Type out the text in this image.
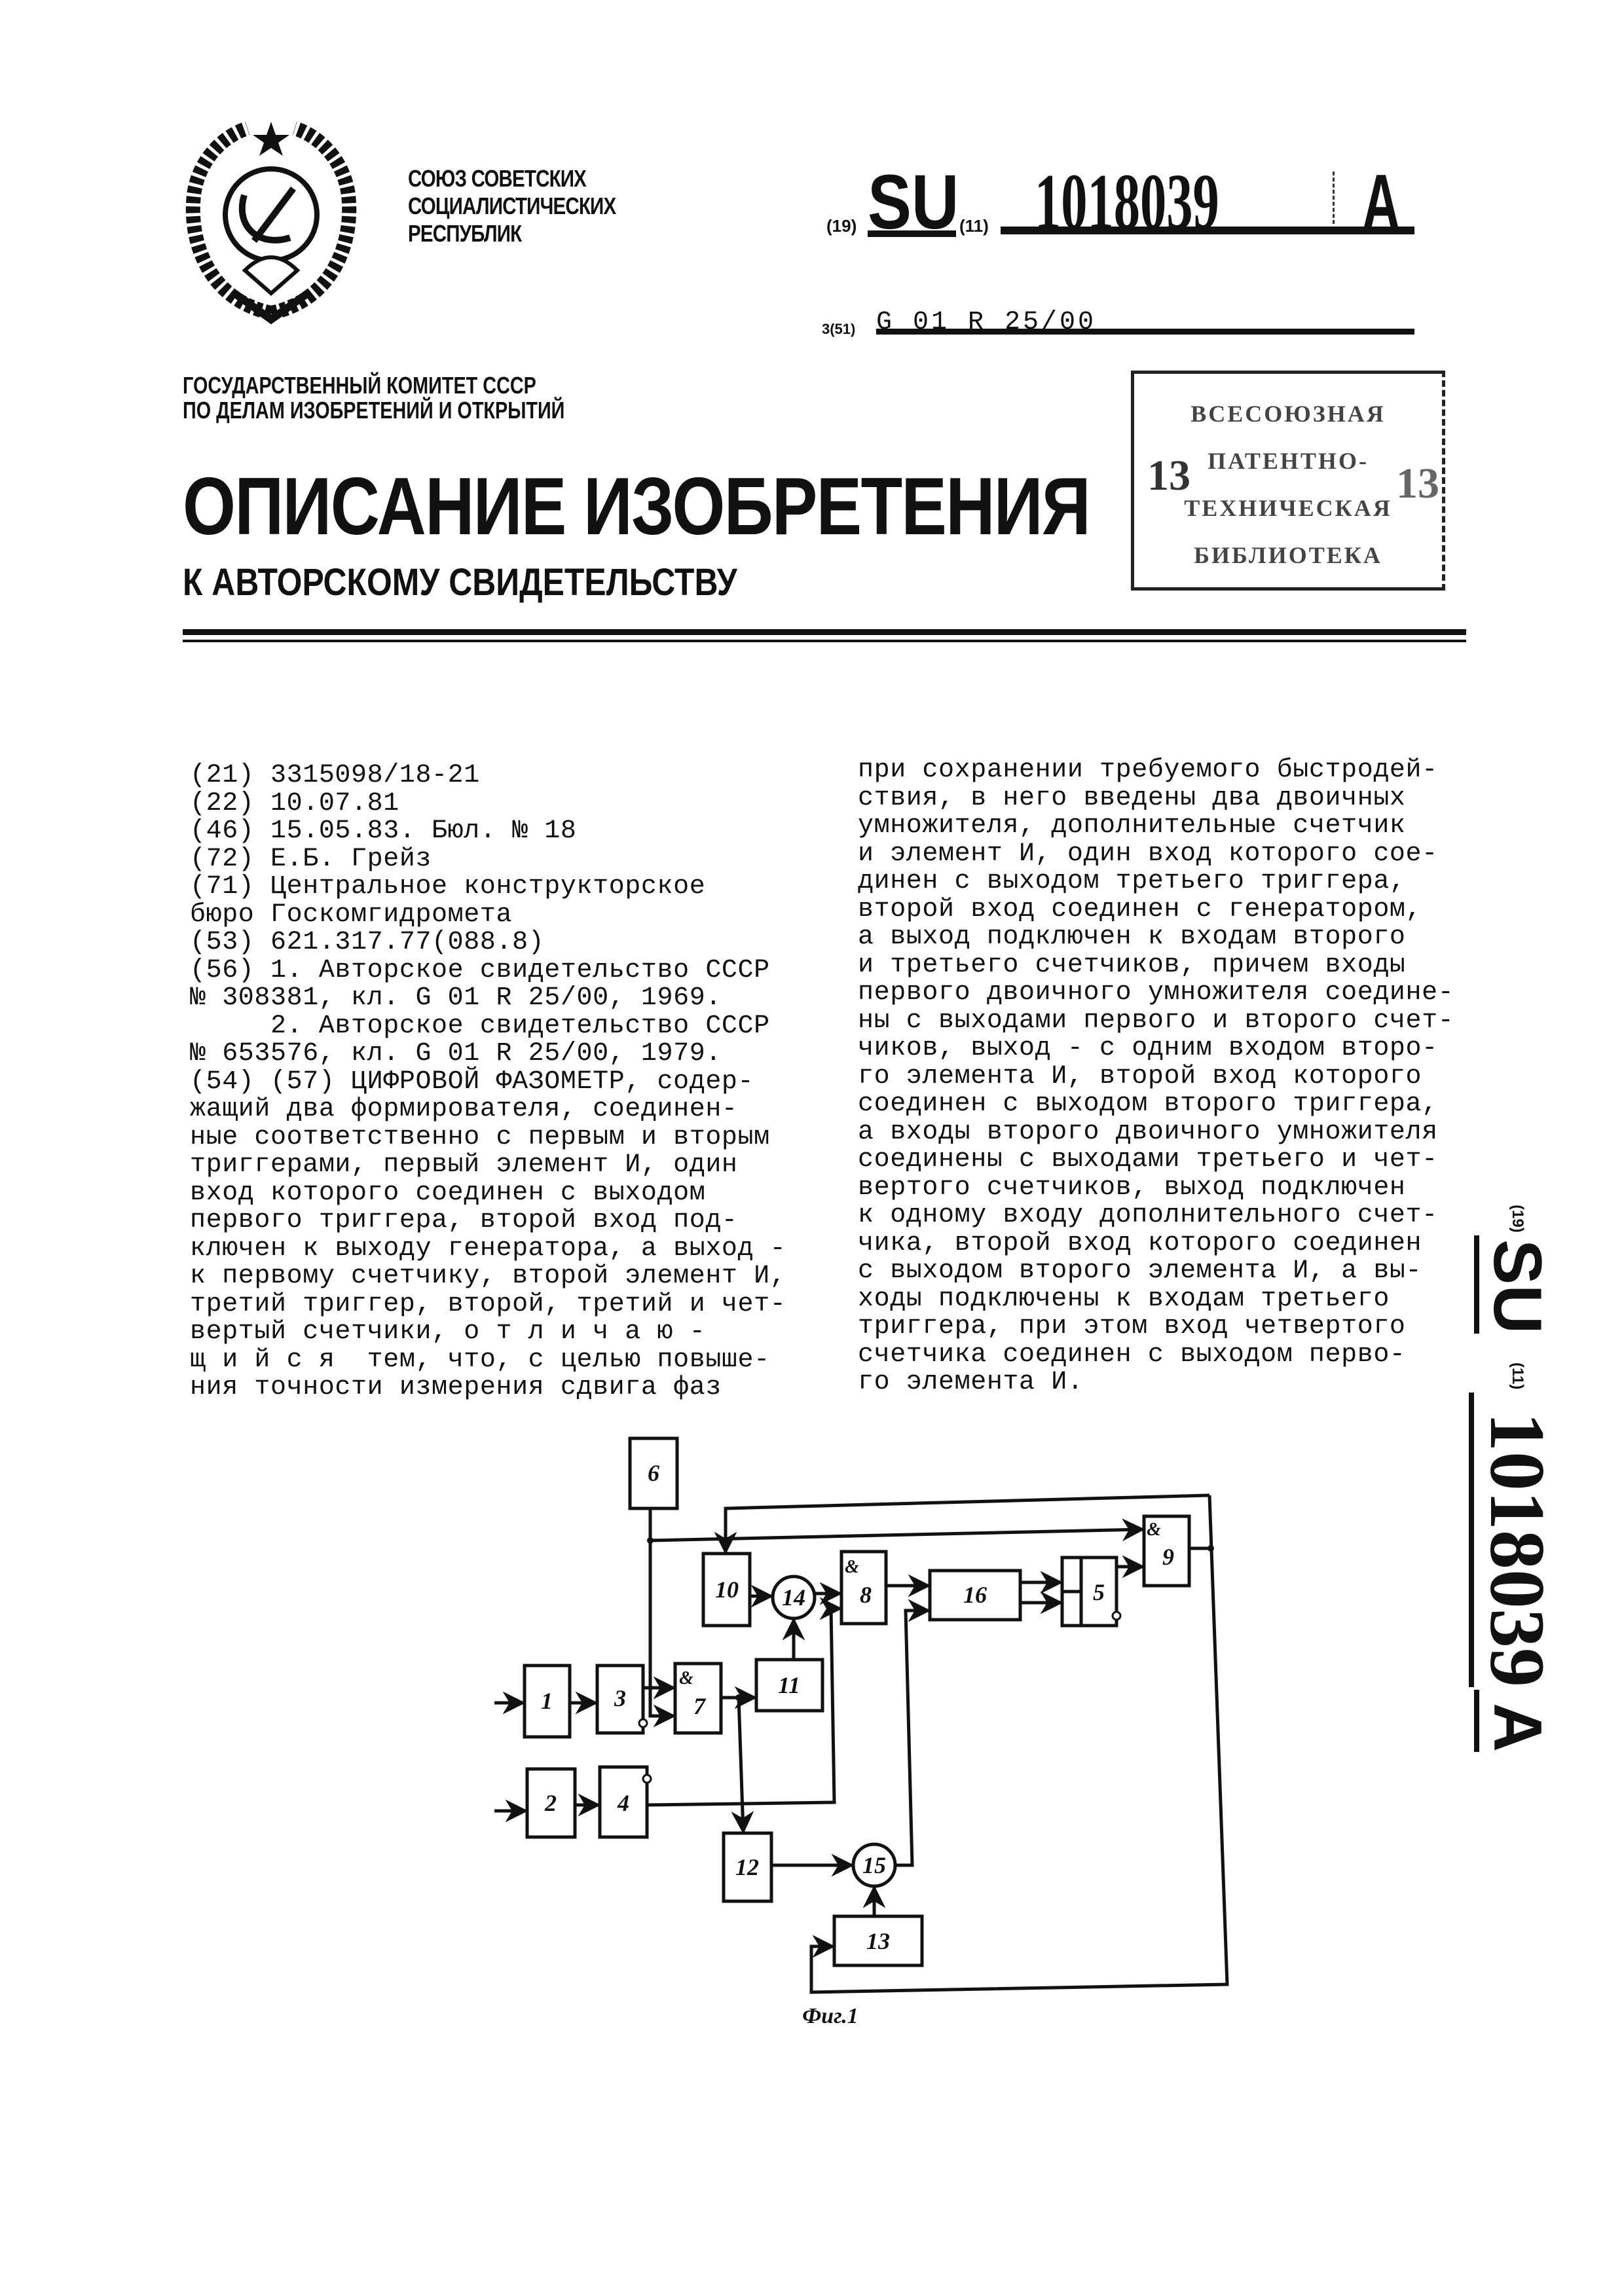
СОЮЗ СОВЕТСКИХ
СОЦИАЛИСТИЧЕСКИХ
РЕСПУБЛИК	(19) SU (11) 1018039 A
3(51) G 01 R 25/00
ГОСУДАРСТВЕННЫЙ КОМИТЕТ СССР
ПО ДЕЛАМ ИЗОБРЕТЕНИЙ И ОТКРЫТИЙ
ОПИСАНИЕ ИЗОБРЕТЕНИЯ
К АВТОРСКОМУ СВИДЕТЕЛЬСТВУ
ВСЕСОЮЗНАЯ
ПАТЕНТНО-
ТЕХНИЧЕСКАЯ
БИБЛИОТЕКА
13	13
(21) 3315098/18-21
(22) 10.07.81
(46) 15.05.83. Бюл. № 18
(72) Е.Б. Грейз
(71) Центральное конструкторское
бюро Госкомгидромета
(53) 621.317.77(088.8)
(56) 1. Авторское свидетельство СССР
№ 308381, кл. G 01 R 25/00, 1969.
2. Авторское свидетельство СССР
№ 653576, кл. G 01 R 25/00, 1979.
(54) (57) ЦИФРОВОЙ ФАЗОМЕТР, содер-
жащий два формирователя, соединен-
ные соответственно с первым и вторым
триггерами, первый элемент И, один
вход которого соединен с выходом
первого триггера, второй вход под-
ключен к выходу генератора, а выход -
к первому счетчику, второй элемент И,
третий триггер, второй, третий и чет-
вертый счетчики, о т л и ч а ю -
щ и й с я  тем, что, с целью повыше-
ния точности измерения сдвига фаз
при сохранении требуемого быстродей-
ствия, в него введены два двоичных
умножителя, дополнительные счетчик
и элемент И, один вход которого сое-
динен с выходом третьего триггера,
второй вход соединен с генератором,
а выход подключен к входам второго
и третьего счетчиков, причем входы
первого двоичного умножителя соедине-
ны с выходами первого и второго счет-
чиков, выход - с одним входом второ-
го элемента И, второй вход которого
соединен с выходом второго триггера,
а входы второго двоичного умножителя
соединены с выходами третьего и чет-
вертого счетчиков, выход подключен
к одному входу дополнительного счет-
чика, второй вход которого соединен
с выходом второго элемента И, а вы-
ходы подключены к входам третьего
триггера, при этом вход четвертого
счетчика соединен с выходом перво-
го элемента И.
(19) SU (11) 1018039 A
6
10 14 8	16	5
9
1	3	7
11
2	4
12	15
13
&
&
&
Фиг.1
